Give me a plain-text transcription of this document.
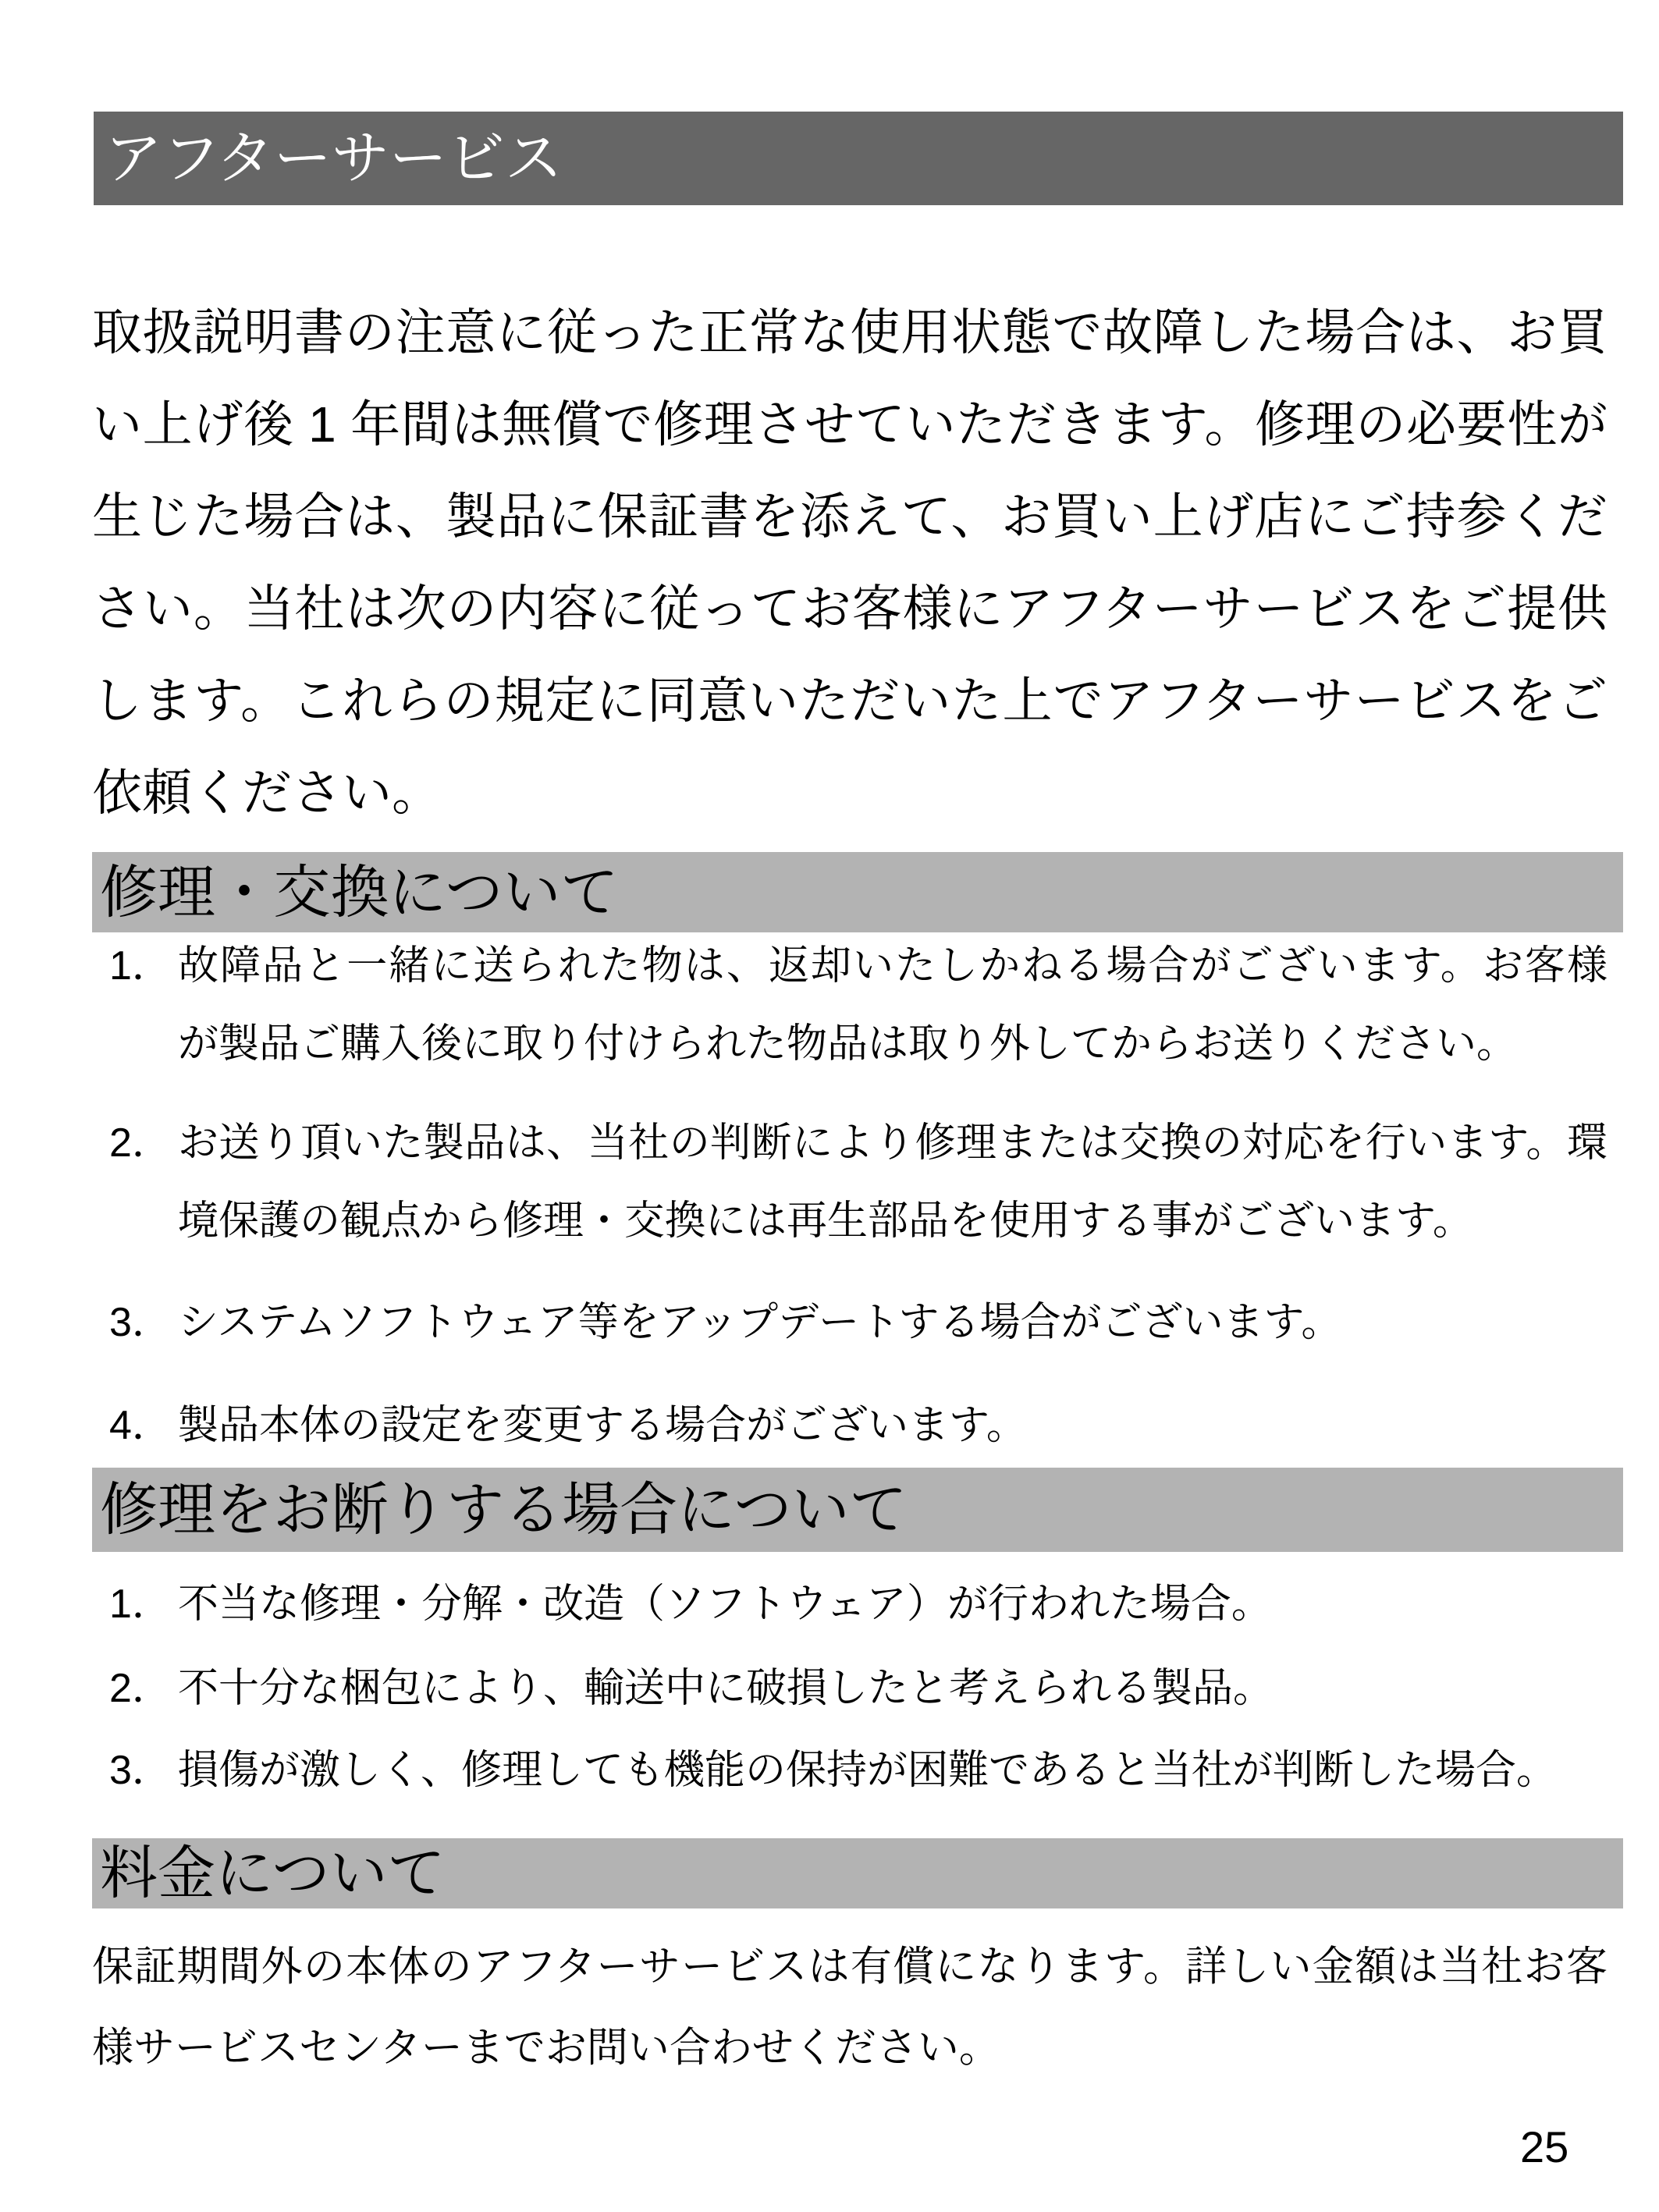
アフターサービス
取扱説明書の注意に従った正常な使用状態で故障した場合は、お買
い上げ後 1 年間は無償で修理させていただきます。修理の必要性が
生じた場合は、製品に保証書を添えて、お買い上げ店にご持参くだ
さい。当社は次の内容に従ってお客様にアフターサービスをご提供
します。これらの規定に同意いただいた上でアフターサービスをご
依頼ください。
修理・交換について
1． 故障品と一緒に送られた物は、返却いたしかねる場合がございます。お客様
が製品ご購入後に取り付けられた物品は取り外してからお送りください。
2． お送り頂いた製品は、当社の判断により修理または交換の対応を行います。環
境保護の観点から修理・交換には再生部品を使用する事がございます。
3． システムソフトウェア等をアップデートする場合がございます。
4． 製品本体の設定を変更する場合がございます。
修理をお断りする場合について
1． 不当な修理・分解・改造（ソフトウェア）が行われた場合。
2． 不十分な梱包により、輸送中に破損したと考えられる製品。
3． 損傷が激しく、修理しても機能の保持が困難であると当社が判断した場合。
料金について
保証期間外の本体のアフターサービスは有償になります。詳しい金額は当社お客
様サービスセンターまでお問い合わせください。
25
